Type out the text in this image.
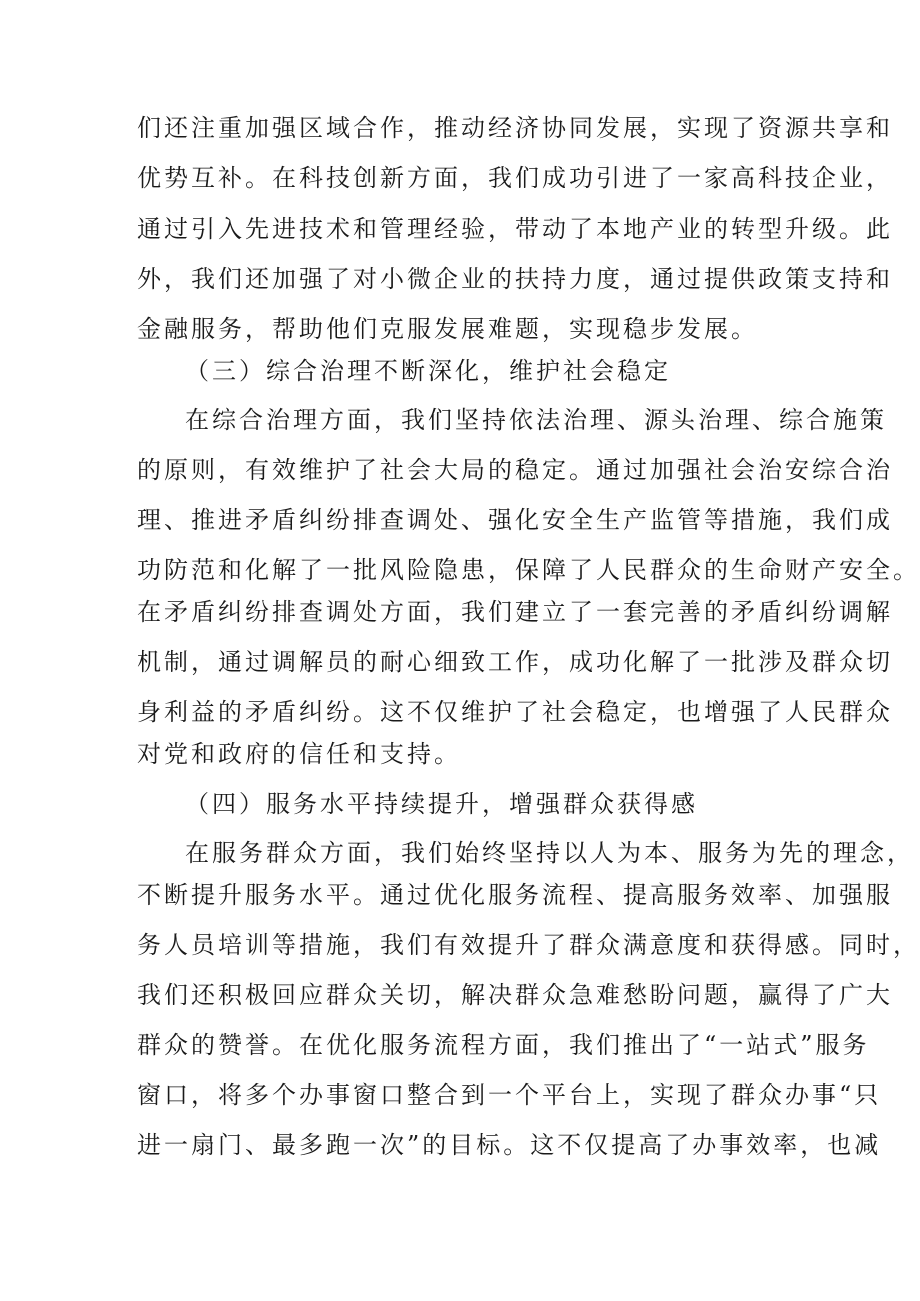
们还注重加强区域合作，推动经济协同发展，实现了资源共享和
优势互补。在科技创新方面，我们成功引进了一家高科技企业，
通过引入先进技术和管理经验，带动了本地产业的转型升级。此
外，我们还加强了对小微企业的扶持力度，通过提供政策支持和
金融服务，帮助他们克服发展难题，实现稳步发展。
（三）综合治理不断深化，维护社会稳定
在综合治理方面，我们坚持依法治理、源头治理、综合施策
的原则，有效维护了社会大局的稳定。通过加强社会治安综合治
理、推进矛盾纠纷排查调处、强化安全生产监管等措施，我们成
功防范和化解了一批风险隐患，保障了人民群众的生命财产安全。
在矛盾纠纷排查调处方面，我们建立了一套完善的矛盾纠纷调解
机制，通过调解员的耐心细致工作，成功化解了一批涉及群众切
身利益的矛盾纠纷。这不仅维护了社会稳定，也增强了人民群众
对党和政府的信任和支持。
（四）服务水平持续提升，增强群众获得感
在服务群众方面，我们始终坚持以人为本、服务为先的理念，
不断提升服务水平。通过优化服务流程、提高服务效率、加强服
务人员培训等措施，我们有效提升了群众满意度和获得感。同时，
我们还积极回应群众关切，解决群众急难愁盼问题，赢得了广大
群众的赞誉。在优化服务流程方面，我们推出了“一站式”服务
窗口，将多个办事窗口整合到一个平台上，实现了群众办事“只
进一扇门、最多跑一次”的目标。这不仅提高了办事效率，也减
